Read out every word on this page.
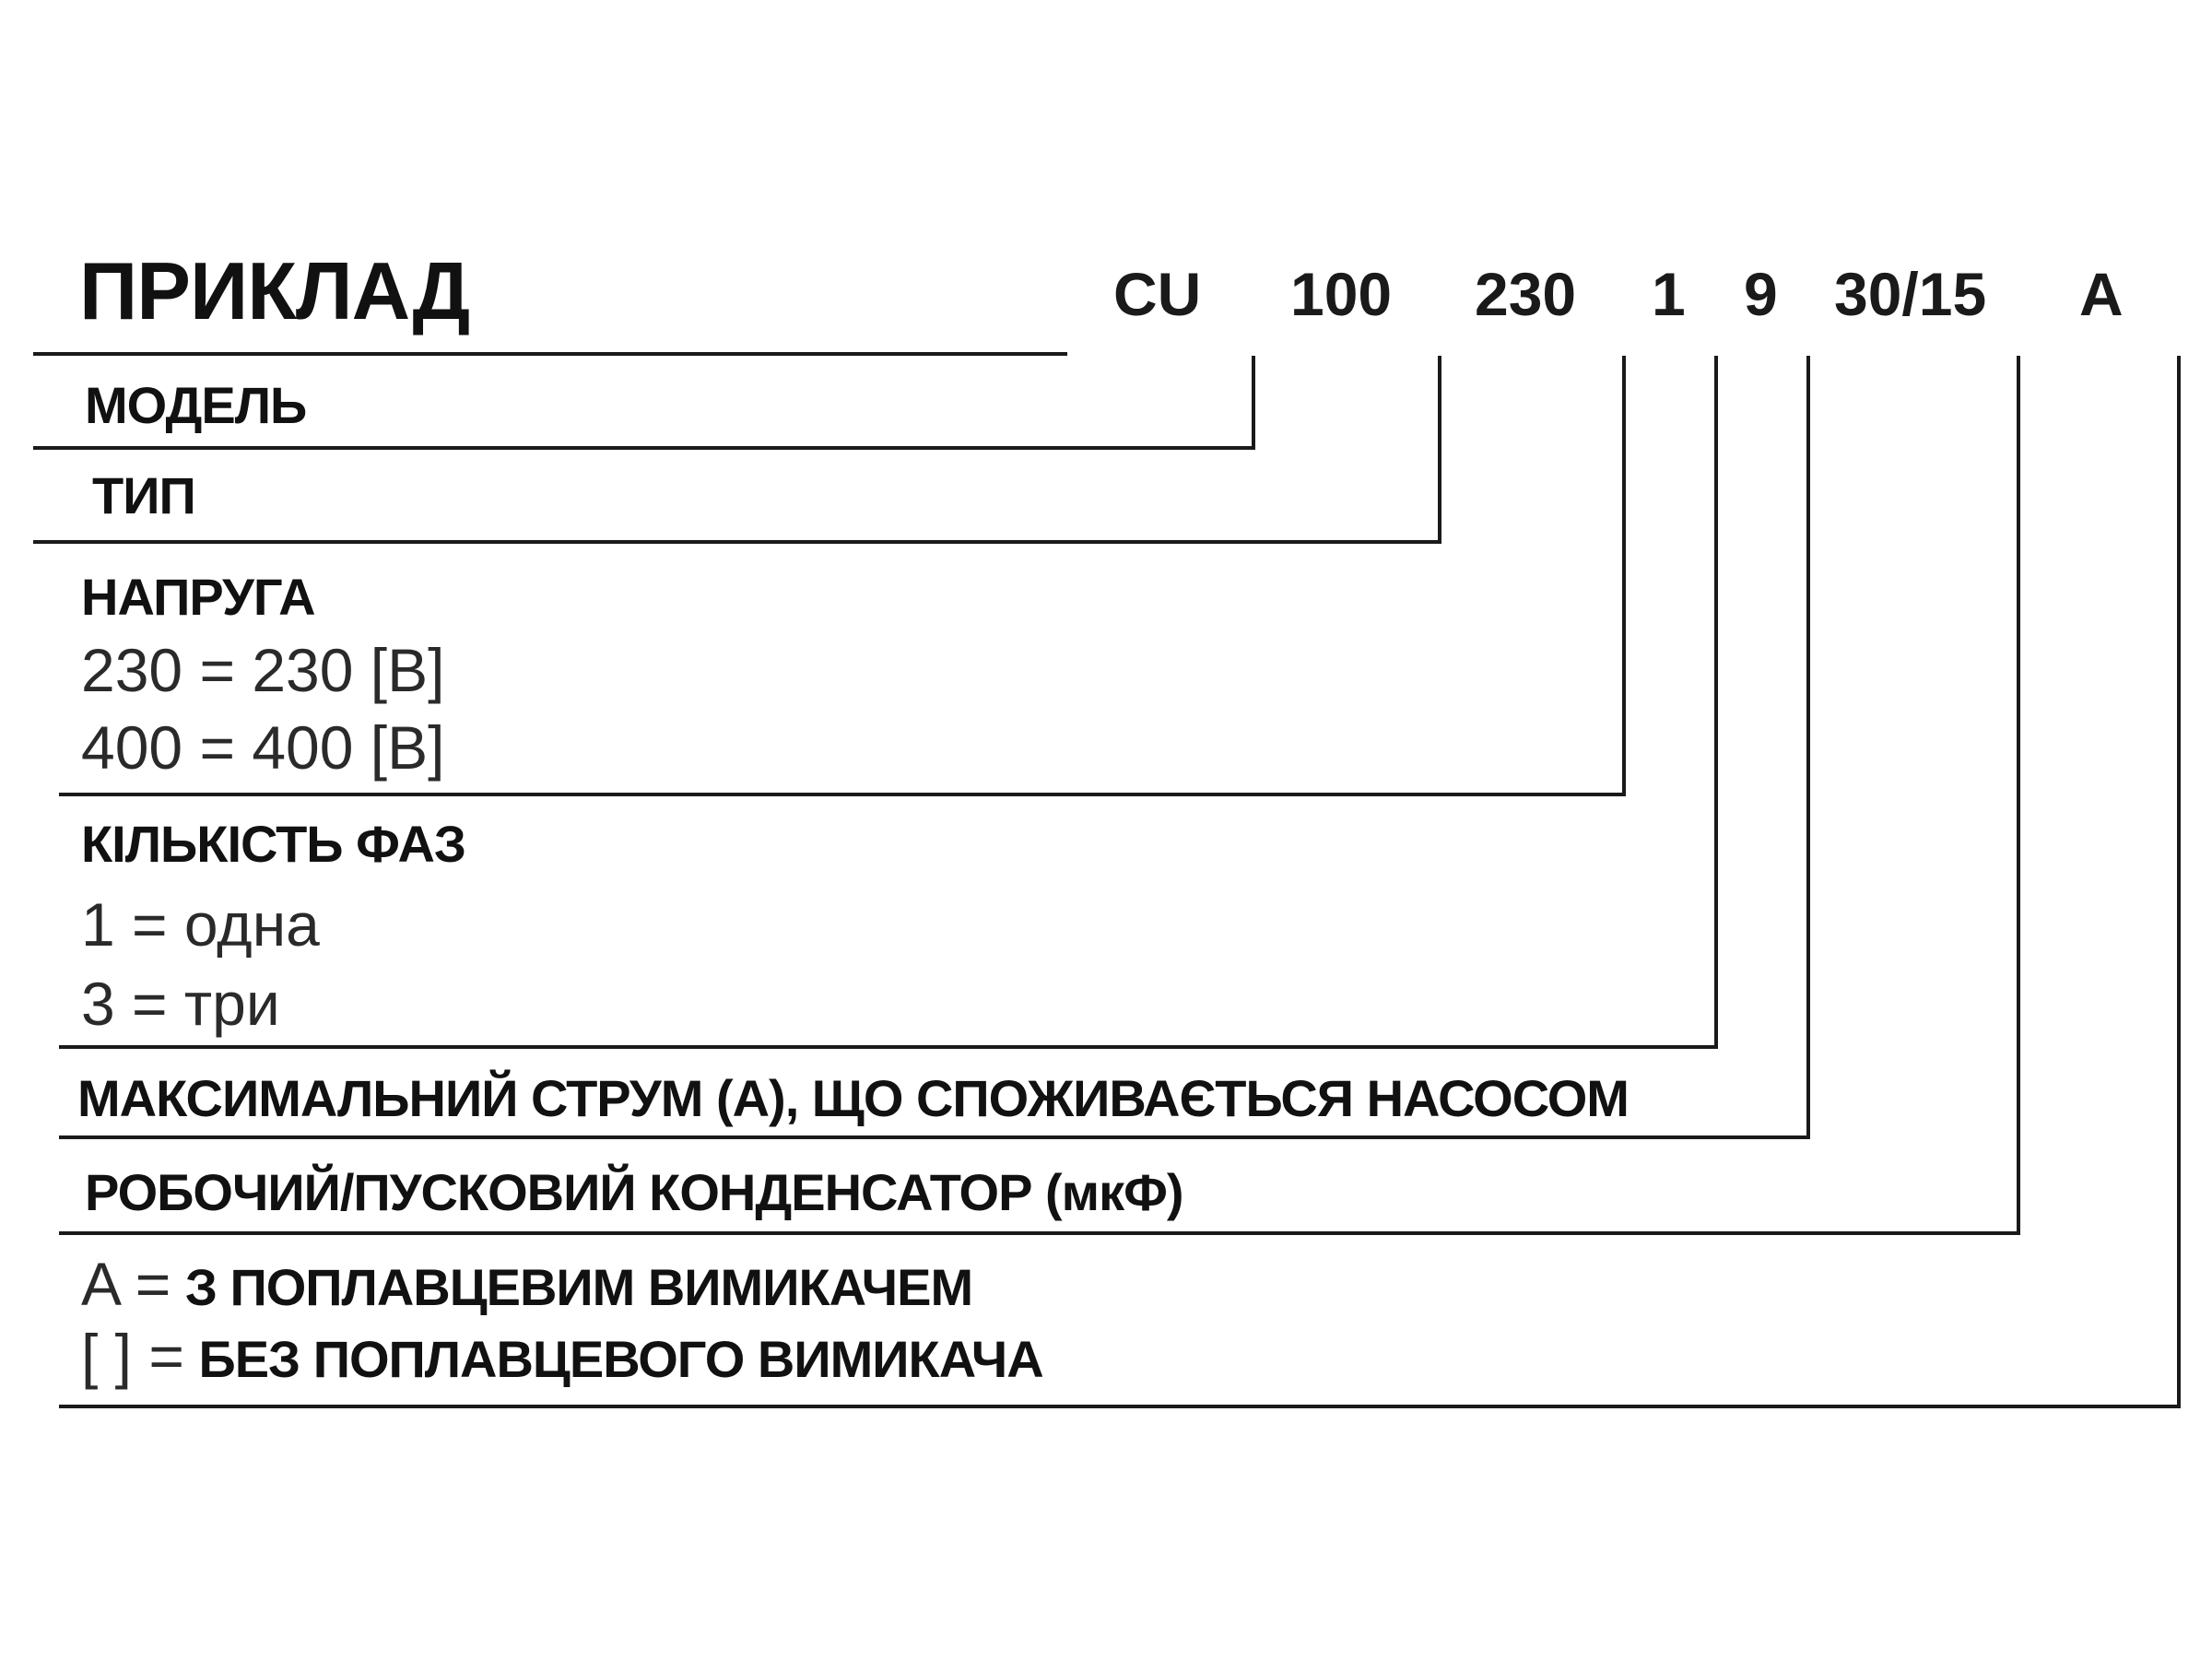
ПРИКЛАД	CU 100 230 1 9 30/15 A
МОДЕЛЬ
ТИП
НАПРУГА
230 = 230 [В]
400 = 400 [В]
КІЛЬКІСТЬ ФАЗ
1 = одна
3 = три
МАКСИМАЛЬНИЙ СТРУМ (А), ЩО СПОЖИВАЄТЬСЯ НАСОСОМ
РОБОЧИЙ/ПУСКОВИЙ КОНДЕНСАТОР (мкФ)
A = З ПОПЛАВЦЕВИМ ВИМИКАЧЕМ
[ ] = БЕЗ ПОПЛАВЦЕВОГО ВИМИКАЧА
